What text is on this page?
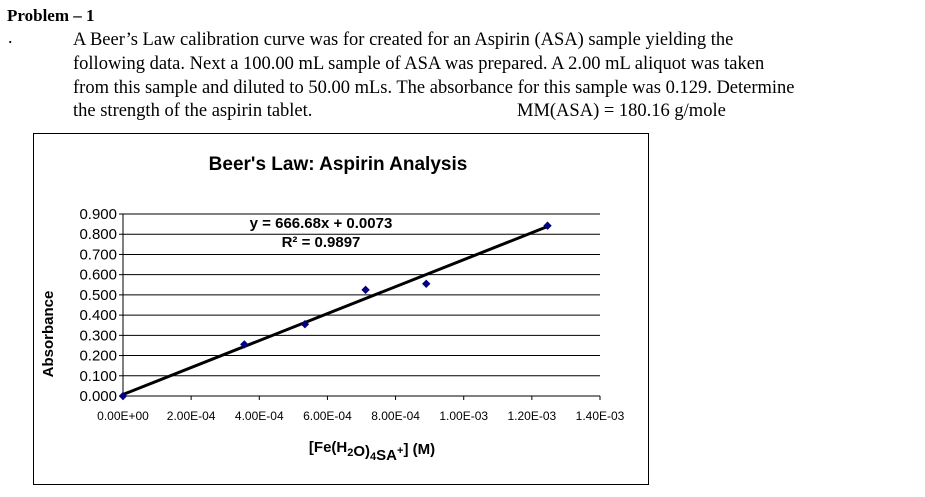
Problem – 1
.	A Beer’s Law calibration curve was for created for an Aspirin (ASA) sample yielding the
following data. Next a 100.00 mL sample of ASA was prepared. A 2.00 mL aliquot was taken
from this sample and diluted to 50.00 mLs. The absorbance for this sample was 0.129. Determine
the strength of the aspirin tablet.	MM(ASA) = 180.16 g/mole
Beer's Law: Aspirin Analysis
0.000
0.100
0.200
0.300
0.400
0.500
0.600
0.700
0.800
0.900
0.00E+00 2.00E-04 4.00E-04 6.00E-04 8.00E-04 1.00E-03 1.20E-03 1.40E-03
y = 666.68x + 0.0073
R² = 0.9897
Absorbance
$[Fe(H_2O)_4SA^+]$ (M)
